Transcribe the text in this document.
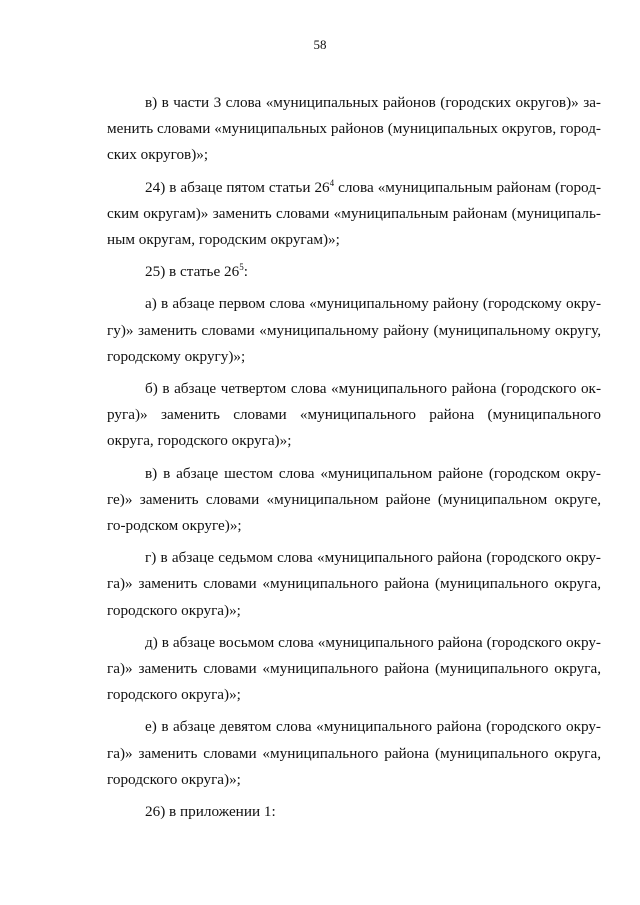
58

в) в части 3 слова «муниципальных районов (городских округов)» за-менить словами «муниципальных районов (муниципальных округов, город-ских округов)»;

24) в абзаце пятом статьи $26^4$ слова «муниципальным районам (город-ским округам)» заменить словами «муниципальным районам (муниципаль-ным округам, городским округам)»;

25) в статье $26^5$:

а) в абзаце первом слова «муниципальному району (городскому окру-гу)» заменить словами «муниципальному району (муниципальному округу, городскому округу)»;

б) в абзаце четвертом слова «муниципального района (городского ок-руга)» заменить словами «муниципального района (муниципального округа, городского округа)»;

в) в абзаце шестом слова «муниципальном районе (городском окру-ге)» заменить словами «муниципальном районе (муниципальном округе, го-родском округе)»;

г) в абзаце седьмом слова «муниципального района (городского окру-га)» заменить словами «муниципального района (муниципального округа, городского округа)»;

д) в абзаце восьмом слова «муниципального района (городского окру-га)» заменить словами «муниципального района (муниципального округа, городского округа)»;

е) в абзаце девятом слова «муниципального района (городского окру-га)» заменить словами «муниципального района (муниципального округа, городского округа)»;

26) в приложении 1:
